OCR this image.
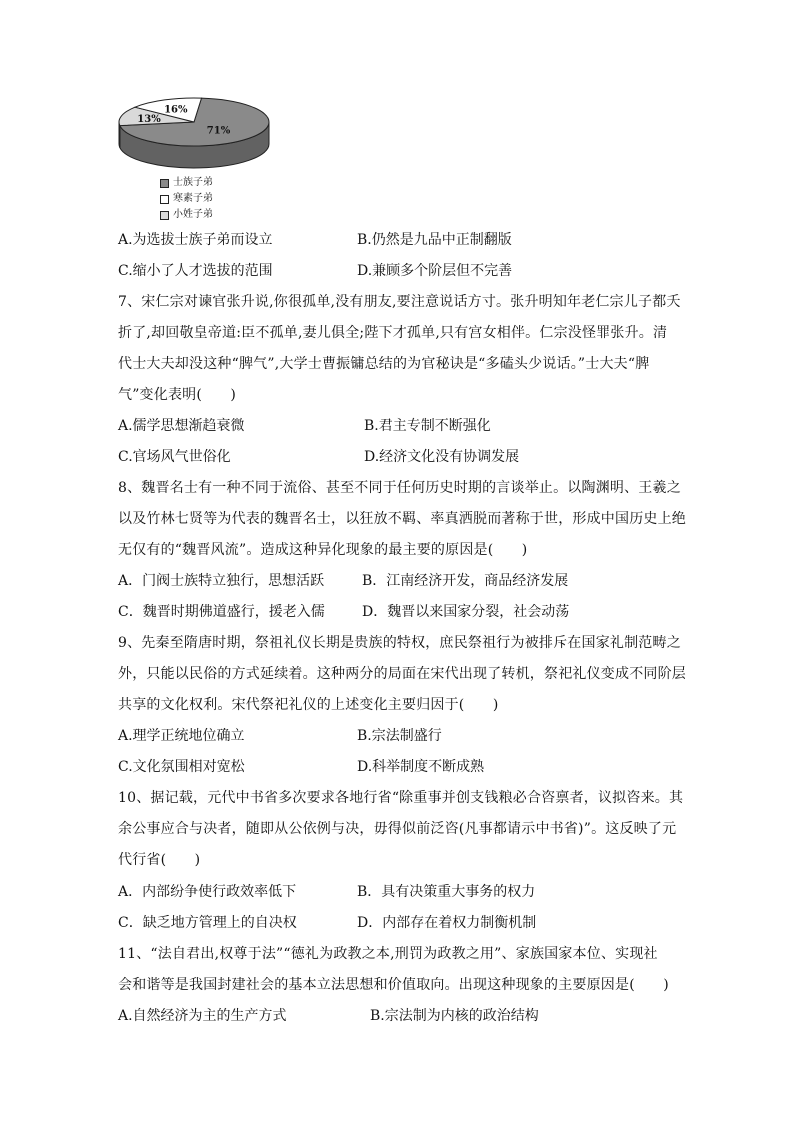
71%
13%
16%
士族子弟
寒素子弟
小姓子弟
A.为选拔士族子弟而设立	B.仍然是九品中正制翻版
C.缩小了人才选拔的范围	D.兼顾多个阶层但不完善
7、宋仁宗对谏官张升说,你很孤单,没有朋友,要注意说话方寸。张升明知年老仁宗儿子都夭
折了,却回敬皇帝道:臣不孤单,妻儿俱全;陛下才孤单,只有宫女相伴。仁宗没怪罪张升。清
代士大夫却没这种“脾气”,大学士曹振镛总结的为官秘诀是“多磕头少说话。”士大夫“脾
气”变化表明(　　)
A.儒学思想渐趋衰微	B.君主专制不断强化
C.官场风气世俗化	D.经济文化没有协调发展
8、魏晋名士有一种不同于流俗、甚至不同于任何历史时期的言谈举止。以陶渊明、王羲之
以及竹林七贤等为代表的魏晋名士，以狂放不羁、率真洒脱而著称于世，形成中国历史上绝
无仅有的“魏晋风流”。造成这种异化现象的最主要的原因是(　　)
A．门阀士族特立独行，思想活跃	B．江南经济开发，商品经济发展
C．魏晋时期佛道盛行，援老入儒	D．魏晋以来国家分裂，社会动荡
9、先秦至隋唐时期，祭祖礼仪长期是贵族的特权，庶民祭祖行为被排斥在国家礼制范畴之
外，只能以民俗的方式延续着。这种两分的局面在宋代出现了转机，祭祀礼仪变成不同阶层
共享的文化权利。宋代祭祀礼仪的上述变化主要归因于(　　)
A.理学正统地位确立	B.宗法制盛行
C.文化氛围相对宽松	D.科举制度不断成熟
10、据记载，元代中书省多次要求各地行省“除重事并创支钱粮必合咨禀者，议拟咨来。其
余公事应合与决者，随即从公依例与决，毋得似前泛咨(凡事都请示中书省)”。这反映了元
代行省(　　)
A．内部纷争使行政效率低下	B．具有决策重大事务的权力
C．缺乏地方管理上的自决权	D．内部存在着权力制衡机制
11、“法自君出,权尊于法”“德礼为政教之本,刑罚为政教之用”、家族国家本位、实现社
会和谐等是我国封建社会的基本立法思想和价值取向。出现这种现象的主要原因是(　　)
A.自然经济为主的生产方式	B.宗法制为内核的政治结构
